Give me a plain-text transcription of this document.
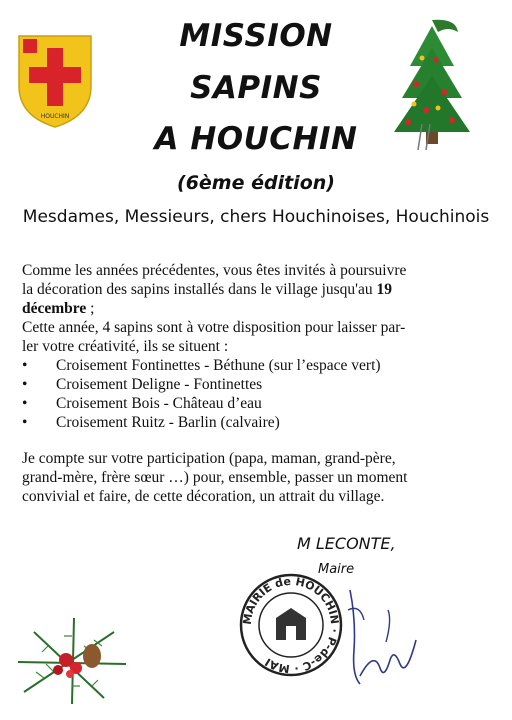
HOUCHIN
MISSION
SAPINS
A HOUCHIN
(6ème édition)
Mesdames, Messieurs, chers Houchinoises, Houchinois
Comme les années précédentes, vous êtes invités à poursuivre
la décoration des sapins installés dans le village jusqu'au 19
décembre ;
Cette année, 4 sapins sont à votre disposition pour laisser par-
ler votre créativité, ils se situent :
• Croisement Fontinettes - Béthune (sur l’espace vert)
• Croisement Deligne - Fontinettes
• Croisement Bois - Château d’eau
• Croisement Ruitz - Barlin (calvaire)
Je compte sur votre participation (papa, maman, grand-père,
grand-mère, frère sœur …) pour, ensemble, passer un moment
convivial et faire, de cette décoration, un attrait du village.
M LECONTE,
Maire
MAIRIE de HOUCHIN · P-de-C · MAI
